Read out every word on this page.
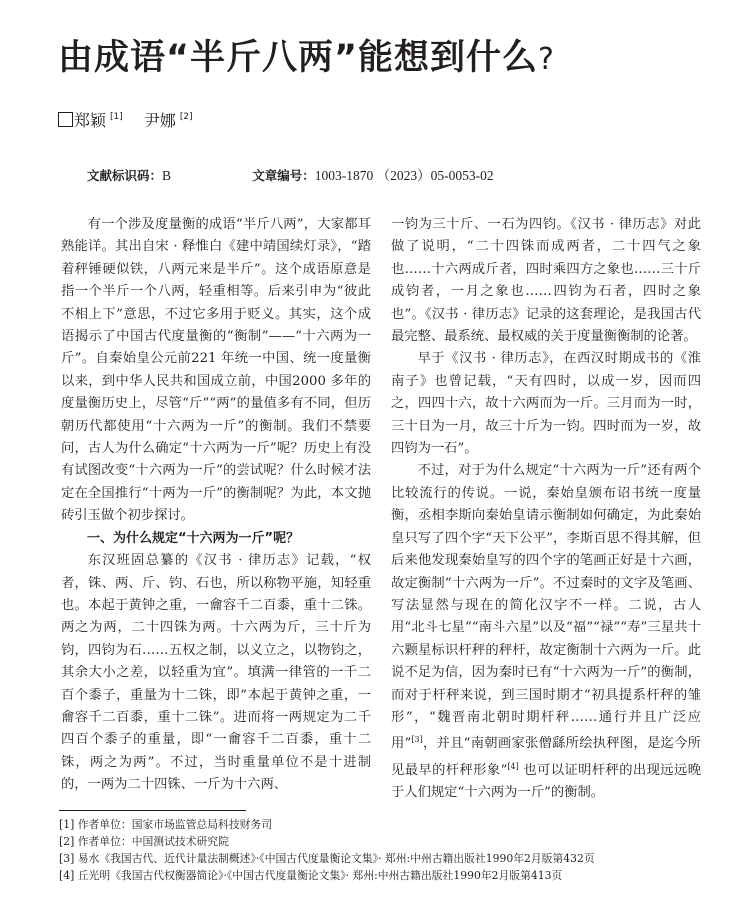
由成语“半斤八两”能想到什么?
郑颖 [1] 尹娜 [2]
文献标识码：B	文章编号：1003-1870 （2023）05-0053-02

有一个涉及度量衡的成语“半斤八两”，大家都耳熟能详。其出自宋 · 释惟白《建中靖国续灯录》，“踏着秤锤硬似铁，八两元来是半斤”。这个成语原意是指一个半斤一个八两，轻重相等。后来引申为“彼此不相上下”意思，不过它多用于贬义。其实，这个成语揭示了中国古代度量衡的“衡制”——“十六两为一斤”。自秦始皇公元前221 年统一中国、统一度量衡以来，到中华人民共和国成立前，中国2000 多年的度量衡历史上，尽管“斤”“两”的量值多有不同，但历朝历代都使用“十六两为一斤”的衡制。我们不禁要问，古人为什么确定“十六两为一斤”呢？历史上有没有试图改变“十六两为一斤”的尝试呢？什么时候才法定在全国推行“十两为一斤”的衡制呢？为此，本文抛砖引玉做个初步探讨。

一、为什么规定“十六两为一斤”呢？

东汉班固总纂的《汉书 · 律历志》记载，“权者，铢、两、斤、钧、石也，所以称物平施，知轻重也。本起于黄钟之重，一龠容千二百黍，重十二铢。两之为两，二十四铢为两。十六两为斤，三十斤为钧，四钧为石……五权之制，以义立之，以物钧之，其余大小之差，以轻重为宜”。填满一律管的一千二百个黍子，重量为十二铢，即“本起于黄钟之重，一龠容千二百黍，重十二铢”。进而将一两规定为二千四百个黍子的重量，即“一龠容千二百黍，重十二铢，两之为两”。不过，当时重量单位不是十进制的，一两为二十四铢、一斤为十六两、

一钧为三十斤、一石为四钧。《汉书 · 律历志》对此做了说明，“二十四铢而成两者，二十四气之象也……十六两成斤者，四时乘四方之象也……三十斤成钧者，一月之象也……四钧为石者，四时之象也”。《汉书 · 律历志》记录的这套理论，是我国古代最完整、最系统、最权威的关于度量衡衡制的论著。

早于《汉书 · 律历志》，在西汉时期成书的《淮南子》也曾记载，“天有四时，以成一岁，因而四之，四四十六，故十六两而为一斤。三月而为一时，三十日为一月，故三十斤为一钧。四时而为一岁，故四钧为一石”。

不过，对于为什么规定“十六两为一斤”还有两个比较流行的传说。一说，秦始皇颁布诏书统一度量衡，丞相李斯向秦始皇请示衡制如何确定，为此秦始皇只写了四个字“天下公平”，李斯百思不得其解，但后来他发现秦始皇写的四个字的笔画正好是十六画，故定衡制“十六两为一斤”。不过秦时的文字及笔画、写法显然与现在的简化汉字不一样。二说，古人用“北斗七星”“南斗六星”以及“福”“禄”“寿”三星共十六颗星标识杆秤的秤杆，故定衡制十六两为一斤。此说不足为信，因为秦时已有“十六两为一斤”的衡制，而对于杆秤来说，到三国时期才“初具提系杆秤的雏形”，“魏晋南北朝时期杆秤……通行并且广泛应用”[3]，并且“南朝画家张僧繇所绘执秤图，是迄今所见最早的杆秤形象”[4] 也可以证明杆秤的出现远远晚于人们规定“十六两为一斤”的衡制。

[1] 作者单位：国家市场监管总局科技财务司
[2] 作者单位：中国测试技术研究院
[3] 易水《我国古代、近代计量法制概述》·《中国古代度量衡论文集》· 郑州:中州古籍出版社1990年2月版第432页
[4] 丘光明《我国古代权衡器简论》·《中国古代度量衡论文集》· 郑州:中州古籍出版社1990年2月版第413页
